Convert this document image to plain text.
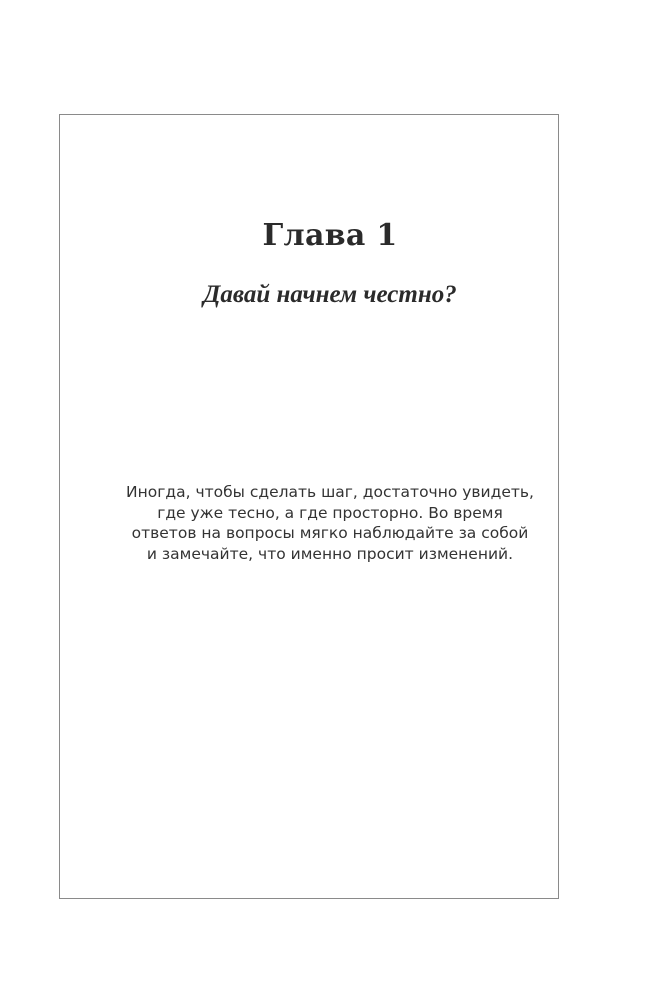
Глава 1
Давай начнем честно?

Иногда, чтобы сделать шаг, достаточно увидеть,
где уже тесно, а где просторно. Во время
ответов на вопросы мягко наблюдайте за собой
и замечайте, что именно просит изменений.
